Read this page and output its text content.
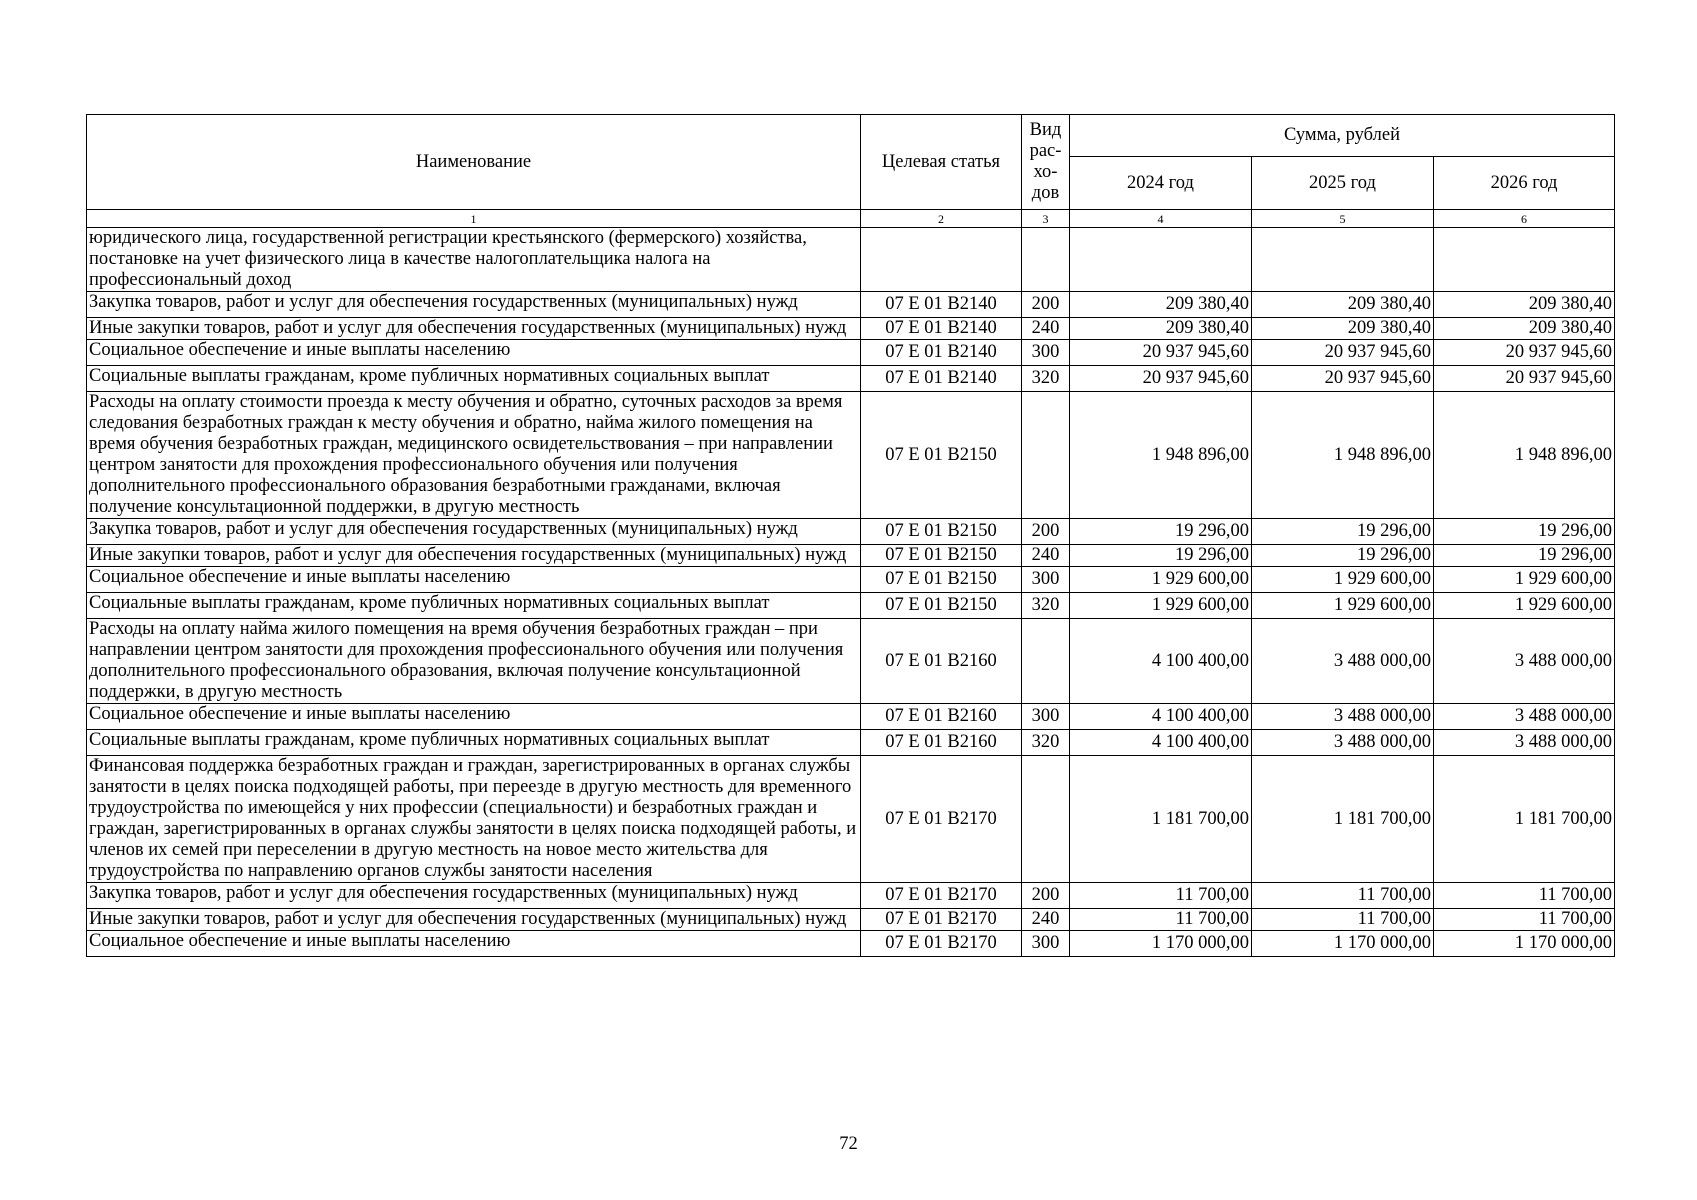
Наименование	Целевая статья	Вид рас-хо-дов	Сумма, рублей		
			2024 год	2025 год	2026 год
1	2	3	4	5	6
юридического лица, государственной регистрации крестьянского (фермерского) хозяйства, постановке на учет физического лица в качестве налогоплательщика налога на профессиональный доход					
Закупка товаров, работ и услуг для обеспечения государственных (муниципальных) нужд	07 Е 01 В2140	200	209 380,40	209 380,40	209 380,40
Иные закупки товаров, работ и услуг для обеспечения государственных (муниципальных) нужд	07 Е 01 В2140	240	209 380,40	209 380,40	209 380,40
Социальное обеспечение и иные выплаты населению	07 Е 01 В2140	300	20 937 945,60	20 937 945,60	20 937 945,60
Социальные выплаты гражданам, кроме публичных нормативных социальных выплат	07 Е 01 В2140	320	20 937 945,60	20 937 945,60	20 937 945,60
Расходы на оплату стоимости проезда к месту обучения и обратно, суточных расходов за время следования безработных граждан к месту обучения и обратно, найма жилого помещения на время обучения безработных граждан, медицинского освидетельствования – при направлении центром занятости для прохождения профессионального обучения или получения дополнительного профессионального образования безработными гражданами, включая получение консультационной поддержки, в другую местность	07 Е 01 В2150		1 948 896,00	1 948 896,00	1 948 896,00
Закупка товаров, работ и услуг для обеспечения государственных (муниципальных) нужд	07 Е 01 В2150	200	19 296,00	19 296,00	19 296,00
Иные закупки товаров, работ и услуг для обеспечения государственных (муниципальных) нужд	07 Е 01 В2150	240	19 296,00	19 296,00	19 296,00
Социальное обеспечение и иные выплаты населению	07 Е 01 В2150	300	1 929 600,00	1 929 600,00	1 929 600,00
Социальные выплаты гражданам, кроме публичных нормативных социальных выплат	07 Е 01 В2150	320	1 929 600,00	1 929 600,00	1 929 600,00
Расходы на оплату найма жилого помещения на время обучения безработных граждан – при направлении центром занятости для прохождения профессионального обучения или получения дополнительного профессионального образования, включая получение консультационной поддержки, в другую местность	07 Е 01 В2160		4 100 400,00	3 488 000,00	3 488 000,00
Социальное обеспечение и иные выплаты населению	07 Е 01 В2160	300	4 100 400,00	3 488 000,00	3 488 000,00
Социальные выплаты гражданам, кроме публичных нормативных социальных выплат	07 Е 01 В2160	320	4 100 400,00	3 488 000,00	3 488 000,00
Финансовая поддержка безработных граждан и граждан, зарегистрированных в органах службы занятости в целях поиска подходящей работы, при переезде в другую местность для временного трудоустройства по имеющейся у них профессии (специальности) и безработных граждан и граждан, зарегистрированных в органах службы занятости в целях поиска подходящей работы, и членов их семей при переселении в другую местность на новое место жительства для трудоустройства по направлению органов службы занятости населения	07 Е 01 В2170		1 181 700,00	1 181 700,00	1 181 700,00
Закупка товаров, работ и услуг для обеспечения государственных (муниципальных) нужд	07 Е 01 В2170	200	11 700,00	11 700,00	11 700,00
Иные закупки товаров, работ и услуг для обеспечения государственных (муниципальных) нужд	07 Е 01 В2170	240	11 700,00	11 700,00	11 700,00
Социальное обеспечение и иные выплаты населению	07 Е 01 В2170	300	1 170 000,00	1 170 000,00	1 170 000,00
72
